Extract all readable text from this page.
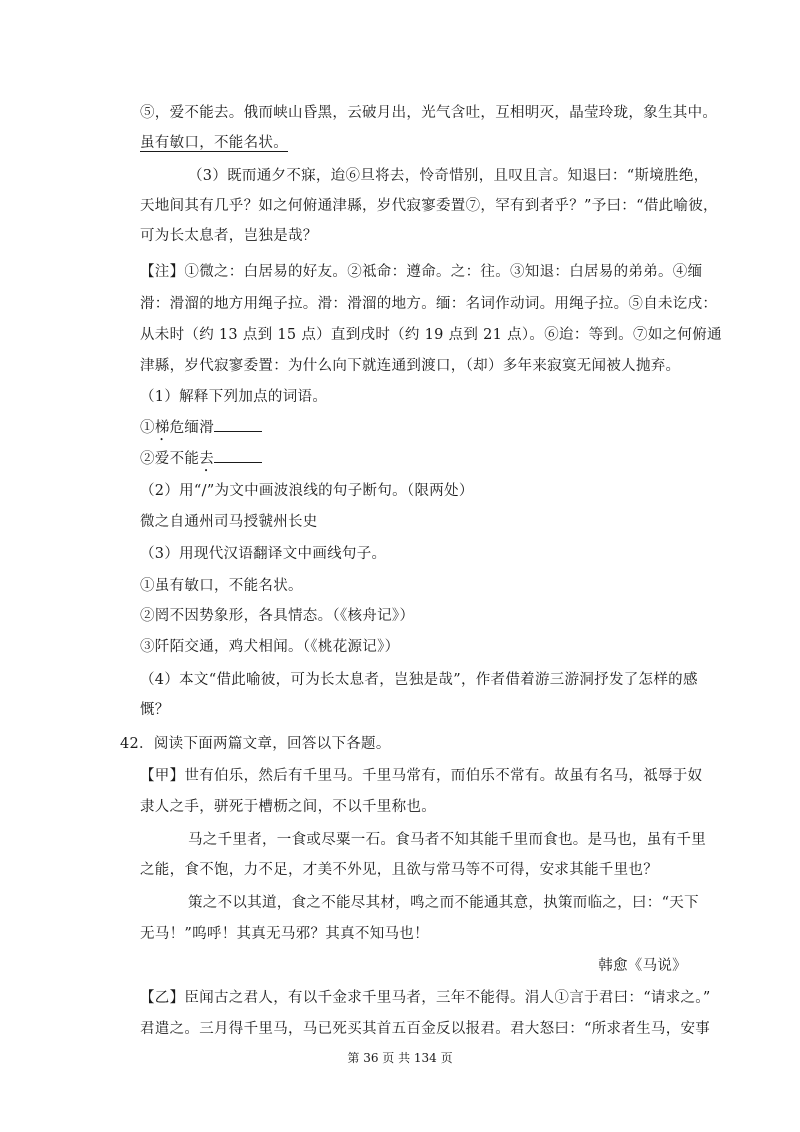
⑤，爱不能去。俄而峡山昏黑，云破月出，光气含吐，互相明灭，晶莹玲珑，象生其中。
虽有敏口，不能名状。
（3）既而通夕不寐，迨⑥旦将去，怜奇惜别，且叹且言。知退曰：“斯境胜绝，
天地间其有几乎？如之何俯通津縣，岁代寂寥委置⑦，罕有到者乎？”予曰：“借此喻彼，
可为长太息者，岂独是哉？
【注】①微之：白居易的好友。②祗命：遵命。之：往。③知退：白居易的弟弟。④缅
滑：滑溜的地方用绳子拉。滑：滑溜的地方。缅：名词作动词。用绳子拉。⑤自未讫戌：
从未时（约 13 点到 15 点）直到戌时（约 19 点到 21 点）。⑥迨：等到。⑦如之何俯通
津縣，岁代寂寥委置：为什么向下就连通到渡口，（却）多年来寂寞无闻被人抛弃。
（1）解释下列加点的词语。
①梯危缅滑
②爱不能去
（2）用“/”为文中画波浪线的句子断句。（限两处）
微之自通州司马授虢州长史
（3）用现代汉语翻译文中画线句子。
①虽有敏口，不能名状。
②罔不因势象形，各具情态。（《核舟记》）
③阡陌交通，鸡犬相闻。（《桃花源记》）
（4）本文“借此喻彼，可为长太息者，岂独是哉”，作者借着游三游洞抒发了怎样的感
慨？
42．阅读下面两篇文章，回答以下各题。
【甲】世有伯乐，然后有千里马。千里马常有，而伯乐不常有。故虽有名马，祗辱于奴
隶人之手，骈死于槽枥之间，不以千里称也。
马之千里者，一食或尽粟一石。食马者不知其能千里而食也。是马也，虽有千里
之能，食不饱，力不足，才美不外见，且欲与常马等不可得，安求其能千里也？
策之不以其道，食之不能尽其材，鸣之而不能通其意，执策而临之，曰：“天下
无马！”呜呼！其真无马邪？其真不知马也！
韩愈《马说》
【乙】臣闻古之君人，有以千金求千里马者，三年不能得。涓人①言于君曰：“请求之。”
君遣之。三月得千里马，马已死买其首五百金反以报君。君大怒曰：“所求者生马，安事
第 36 页 共 134 页
